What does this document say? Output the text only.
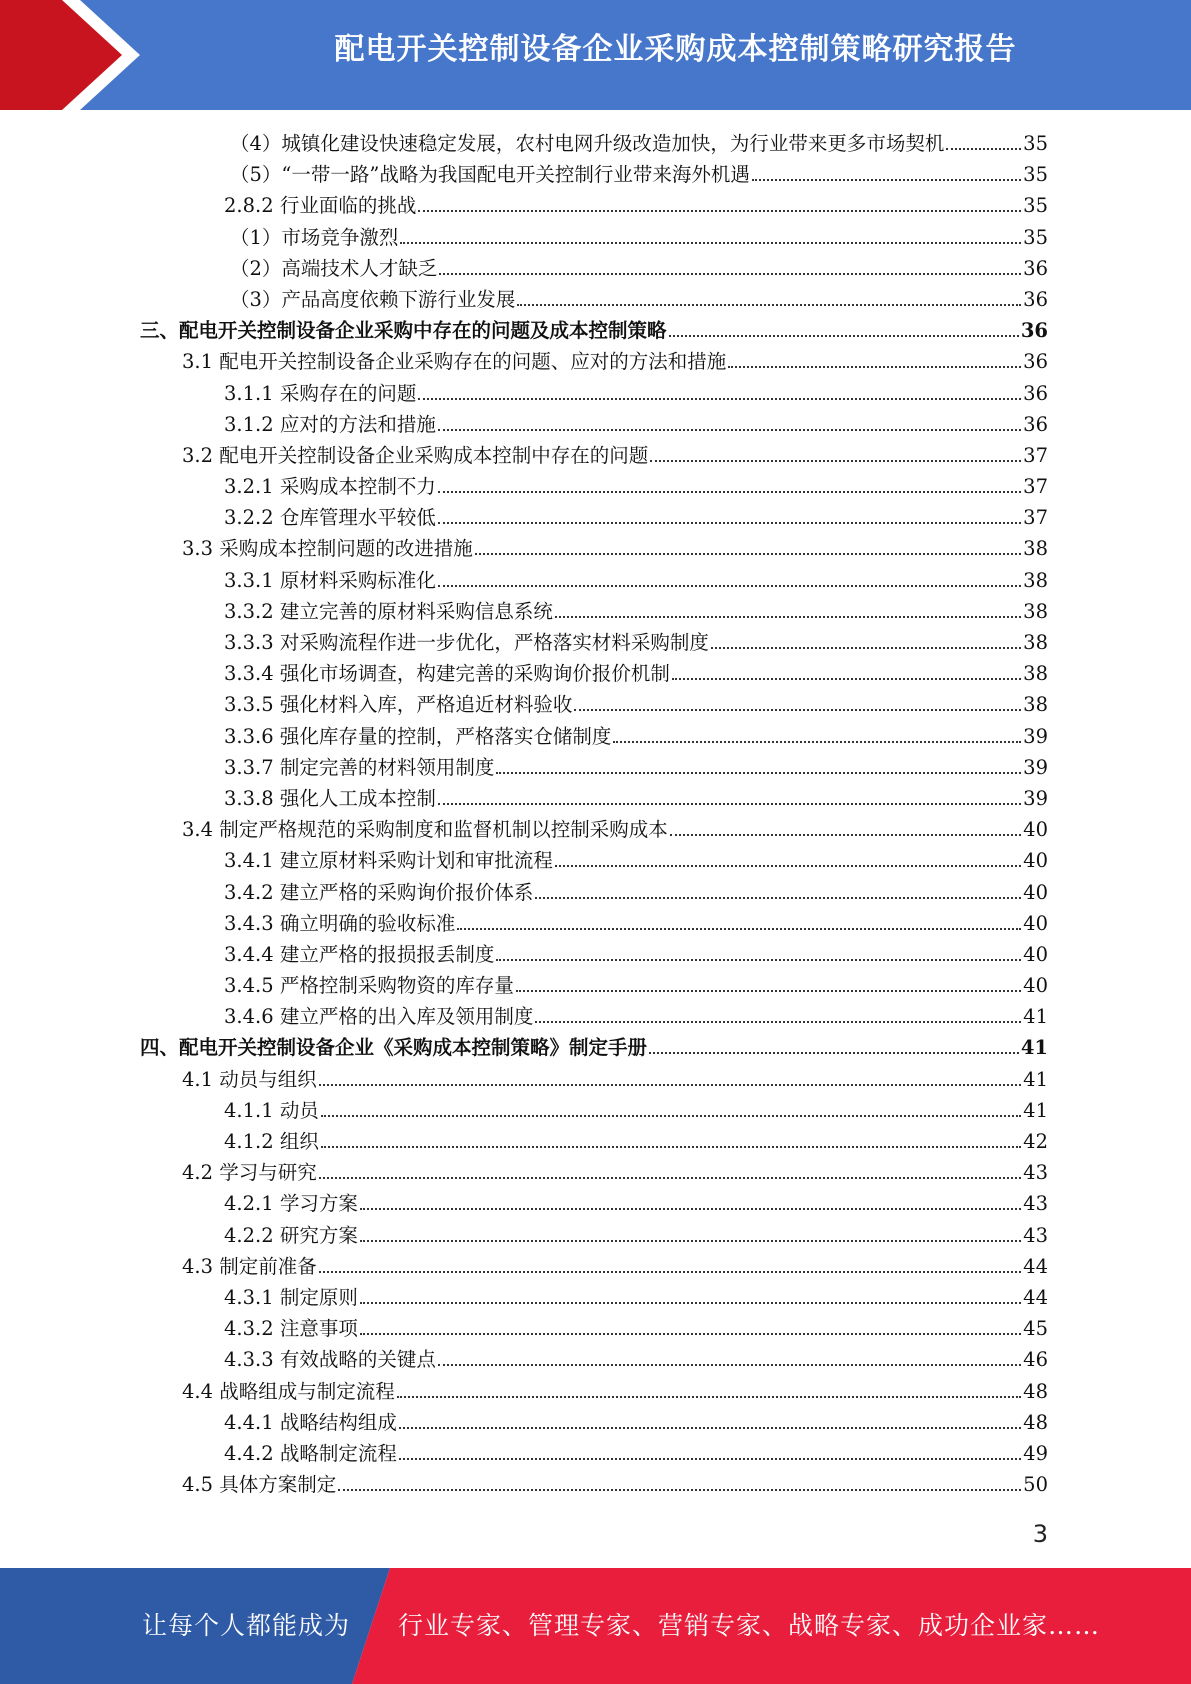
配电开关控制设备企业采购成本控制策略研究报告
（4）城镇化建设快速稳定发展，农村电网升级改造加快，为行业带来更多市场契机	35
（5）“一带一路”战略为我国配电开关控制行业带来海外机遇	35
2.8.2 行业面临的挑战	35
（1）市场竞争激烈	35
（2）高端技术人才缺乏	36
（3）产品高度依赖下游行业发展	36
三、配电开关控制设备企业采购中存在的问题及成本控制策略	36
3.1 配电开关控制设备企业采购存在的问题、应对的方法和措施	36
3.1.1 采购存在的问题	36
3.1.2 应对的方法和措施	36
3.2 配电开关控制设备企业采购成本控制中存在的问题	37
3.2.1 采购成本控制不力	37
3.2.2 仓库管理水平较低	37
3.3 采购成本控制问题的改进措施	38
3.3.1 原材料采购标准化	38
3.3.2 建立完善的原材料采购信息系统	38
3.3.3 对采购流程作进一步优化，严格落实材料采购制度	38
3.3.4 强化市场调查，构建完善的采购询价报价机制	38
3.3.5 强化材料入库，严格追近材料验收	38
3.3.6 强化库存量的控制，严格落实仓储制度	39
3.3.7 制定完善的材料领用制度	39
3.3.8 强化人工成本控制	39
3.4 制定严格规范的采购制度和监督机制以控制采购成本	40
3.4.1 建立原材料采购计划和审批流程	40
3.4.2 建立严格的采购询价报价体系	40
3.4.3 确立明确的验收标准	40
3.4.4 建立严格的报损报丢制度	40
3.4.5 严格控制采购物资的库存量	40
3.4.6 建立严格的出入库及领用制度	41
四、配电开关控制设备企业《采购成本控制策略》制定手册	41
4.1 动员与组织	41
4.1.1 动员	41
4.1.2 组织	42
4.2 学习与研究	43
4.2.1 学习方案	43
4.2.2 研究方案	43
4.3 制定前准备	44
4.3.1 制定原则	44
4.3.2 注意事项	45
4.3.3 有效战略的关键点	46
4.4 战略组成与制定流程	48
4.4.1 战略结构组成	48
4.4.2 战略制定流程	49
4.5 具体方案制定	50
3
让每个人都能成为 行业专家、管理专家、营销专家、战略专家、成功企业家……
